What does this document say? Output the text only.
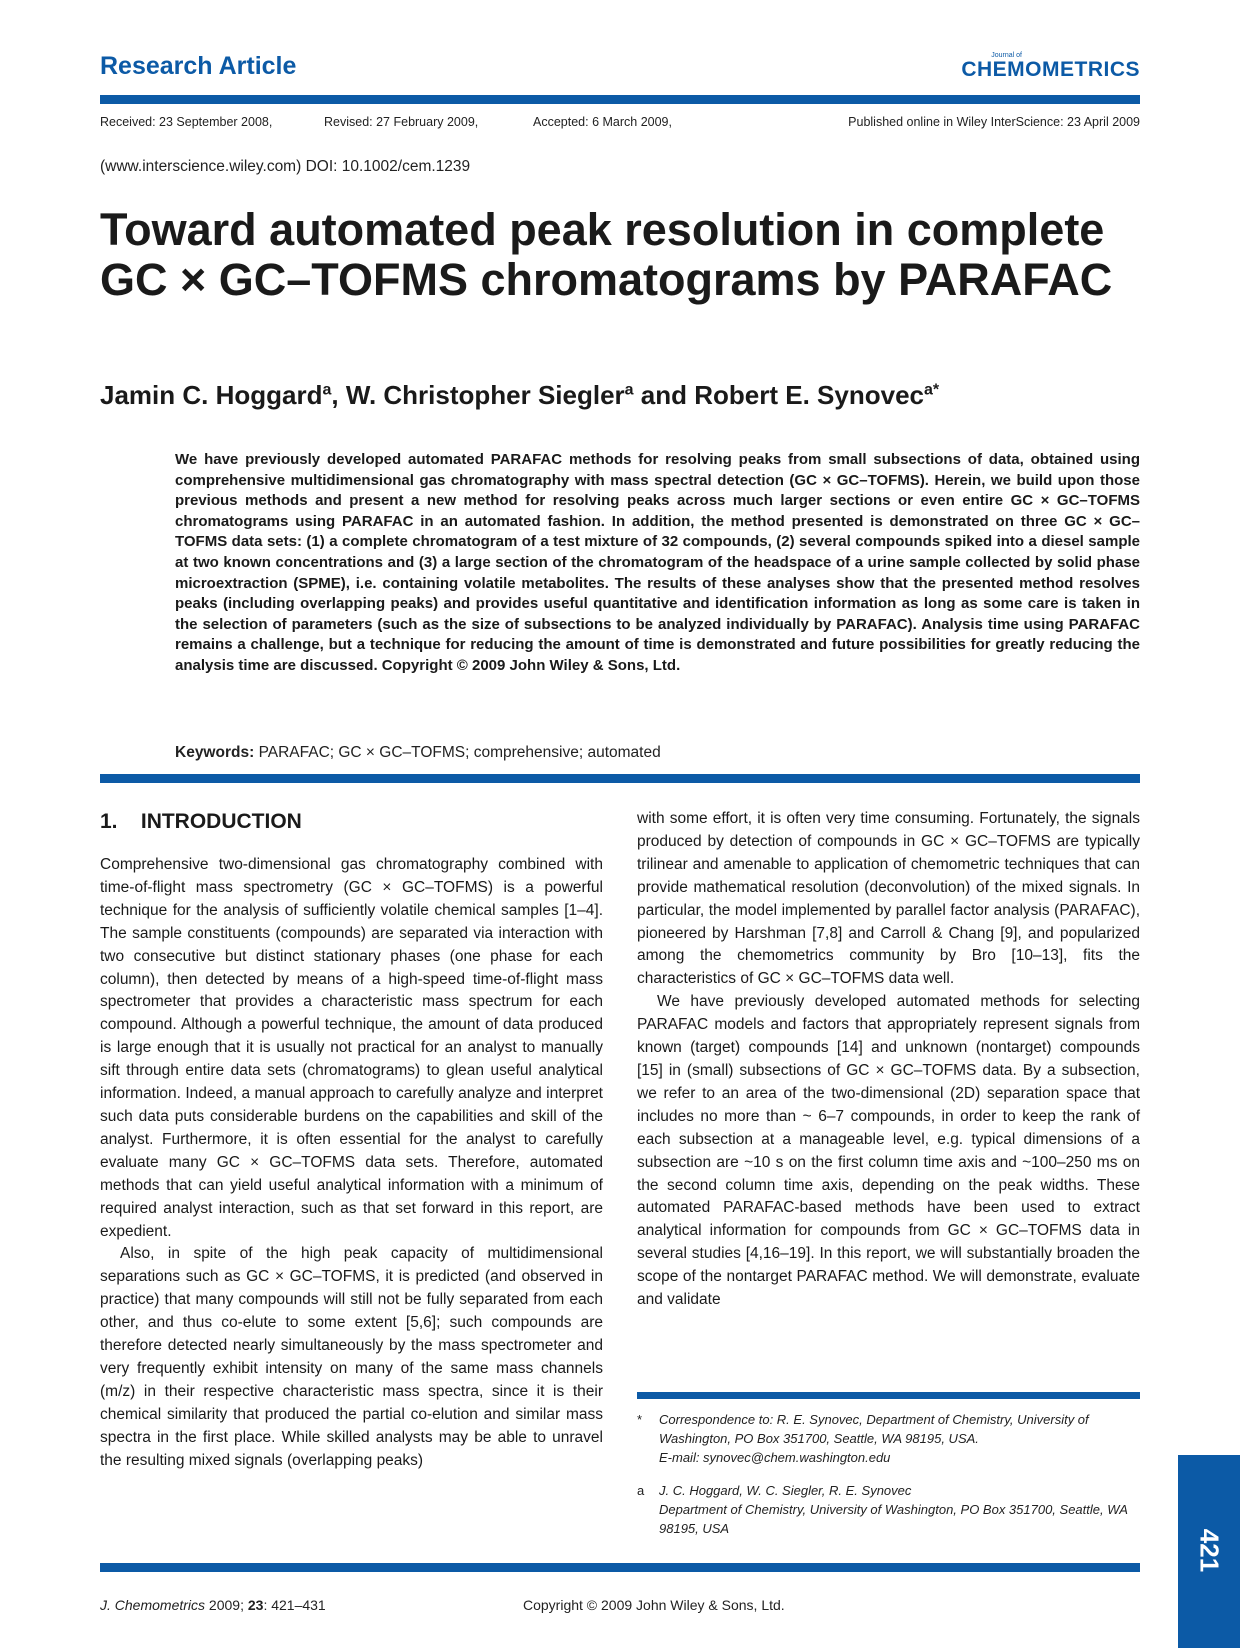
Research Article	Journal of
CHEMOMETRICS
Received: 23 September 2008,	Revised: 27 February 2009,	Accepted: 6 March 2009,	Published online in Wiley InterScience: 23 April 2009
(www.interscience.wiley.com) DOI: 10.1002/cem.1239
Toward automated peak resolution in complete GC × GC–TOFMS chromatograms by PARAFAC
Jamin C. Hoggard$^a$, W. Christopher Siegler$^a$ and Robert E. Synovec$^{a*}$

We have previously developed automated PARAFAC methods for resolving peaks from small subsections of data, obtained using comprehensive multidimensional gas chromatography with mass spectral detection (GC × GC–TOFMS). Herein, we build upon those previous methods and present a new method for resolving peaks across much larger sections or even entire GC × GC–TOFMS chromatograms using PARAFAC in an automated fashion. In addition, the method presented is demonstrated on three GC × GC–TOFMS data sets: (1) a complete chromatogram of a test mixture of 32 compounds, (2) several compounds spiked into a diesel sample at two known concentrations and (3) a large section of the chromatogram of the headspace of a urine sample collected by solid phase microextraction (SPME), i.e. containing volatile metabolites. The results of these analyses show that the presented method resolves peaks (including overlapping peaks) and provides useful quantitative and identification information as long as some care is taken in the selection of parameters (such as the size of subsections to be analyzed individually by PARAFAC). Analysis time using PARAFAC remains a challenge, but a technique for reducing the amount of time is demonstrated and future possibilities for greatly reducing the analysis time are discussed. Copyright © 2009 John Wiley & Sons, Ltd.

Keywords: PARAFAC; GC × GC–TOFMS; comprehensive; automated
1. INTRODUCTION

Comprehensive two-dimensional gas chromatography combined with time-of-flight mass spectrometry (GC × GC–TOFMS) is a powerful technique for the analysis of sufficiently volatile chemical samples [1–4]. The sample constituents (compounds) are separated via interaction with two consecutive but distinct stationary phases (one phase for each column), then detected by means of a high-speed time-of-flight mass spectrometer that provides a characteristic mass spectrum for each compound. Although a powerful technique, the amount of data produced is large enough that it is usually not practical for an analyst to manually sift through entire data sets (chromatograms) to glean useful analytical information. Indeed, a manual approach to carefully analyze and interpret such data puts considerable burdens on the capabilities and skill of the analyst. Furthermore, it is often essential for the analyst to carefully evaluate many GC × GC–TOFMS data sets. Therefore, automated methods that can yield useful analytical information with a minimum of required analyst interaction, such as that set forward in this report, are expedient.

Also, in spite of the high peak capacity of multidimensional separations such as GC × GC–TOFMS, it is predicted (and observed in practice) that many compounds will still not be fully separated from each other, and thus co-elute to some extent [5,6]; such compounds are therefore detected nearly simultaneously by the mass spectrometer and very frequently exhibit intensity on many of the same mass channels (m/z) in their respective characteristic mass spectra, since it is their chemical similarity that produced the partial co-elution and similar mass spectra in the first place. While skilled analysts may be able to unravel the resulting mixed signals (overlapping peaks)

with some effort, it is often very time consuming. Fortunately, the signals produced by detection of compounds in GC × GC–TOFMS are typically trilinear and amenable to application of chemometric techniques that can provide mathematical resolution (deconvolution) of the mixed signals. In particular, the model implemented by parallel factor analysis (PARAFAC), pioneered by Harshman [7,8] and Carroll & Chang [9], and popularized among the chemometrics community by Bro [10–13], fits the characteristics of GC × GC–TOFMS data well.

We have previously developed automated methods for selecting PARAFAC models and factors that appropriately represent signals from known (target) compounds [14] and unknown (nontarget) compounds [15] in (small) subsections of GC × GC–TOFMS data. By a subsection, we refer to an area of the two-dimensional (2D) separation space that includes no more than ~ 6–7 compounds, in order to keep the rank of each subsection at a manageable level, e.g. typical dimensions of a subsection are ~10 s on the first column time axis and ~100–250 ms on the second column time axis, depending on the peak widths. These automated PARAFAC-based methods have been used to extract analytical information for compounds from GC × GC–TOFMS data in several studies [4,16–19]. In this report, we will substantially broaden the scope of the nontarget PARAFAC method. We will demonstrate, evaluate and validate

* Correspondence to: R. E. Synovec, Department of Chemistry, University of Washington, PO Box 351700, Seattle, WA 98195, USA.
E-mail: synovec@chem.washington.edu
a J. C. Hoggard, W. C. Siegler, R. E. Synovec
Department of Chemistry, University of Washington, PO Box 351700, Seattle, WA 98195, USA
421
J. Chemometrics 2009; 23: 421–431	Copyright © 2009 John Wiley & Sons, Ltd.
